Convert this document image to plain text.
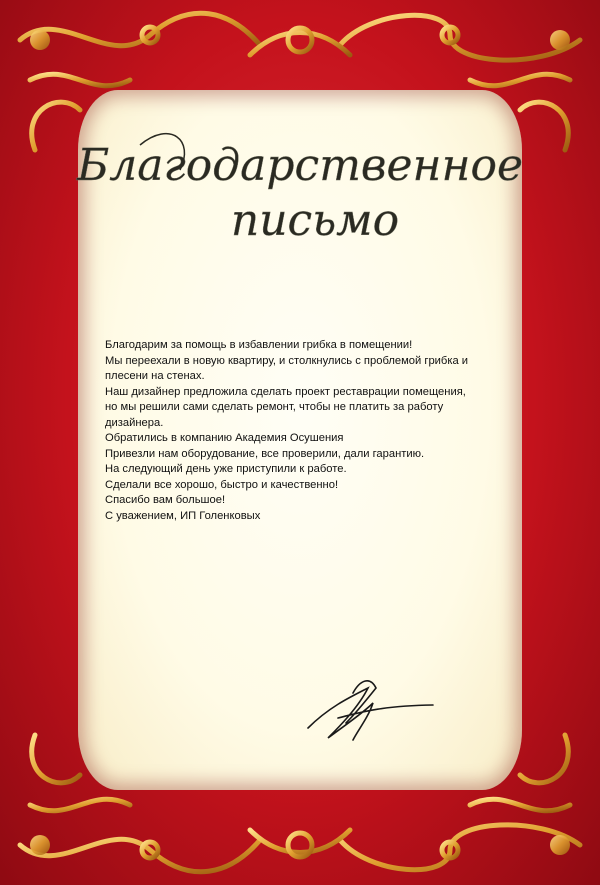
Благодарственное
письмо
Благодарим за помощь в избавлении грибка в помещении!
Мы переехали в новую квартиру, и столкнулись с проблемой грибка и
плесени на стенах.
Наш дизайнер предложила сделать проект реставрации помещения,
но мы решили сами сделать ремонт, чтобы не платить за работу
дизайнера.
Обратились в компанию Академия Осушения
Привезли нам оборудование, все проверили, дали гарантию.
На следующий день уже приступили к работе.
Сделали все хорошо, быстро и качественно!
Спасибо вам большое!
С уважением, ИП Голенковых
